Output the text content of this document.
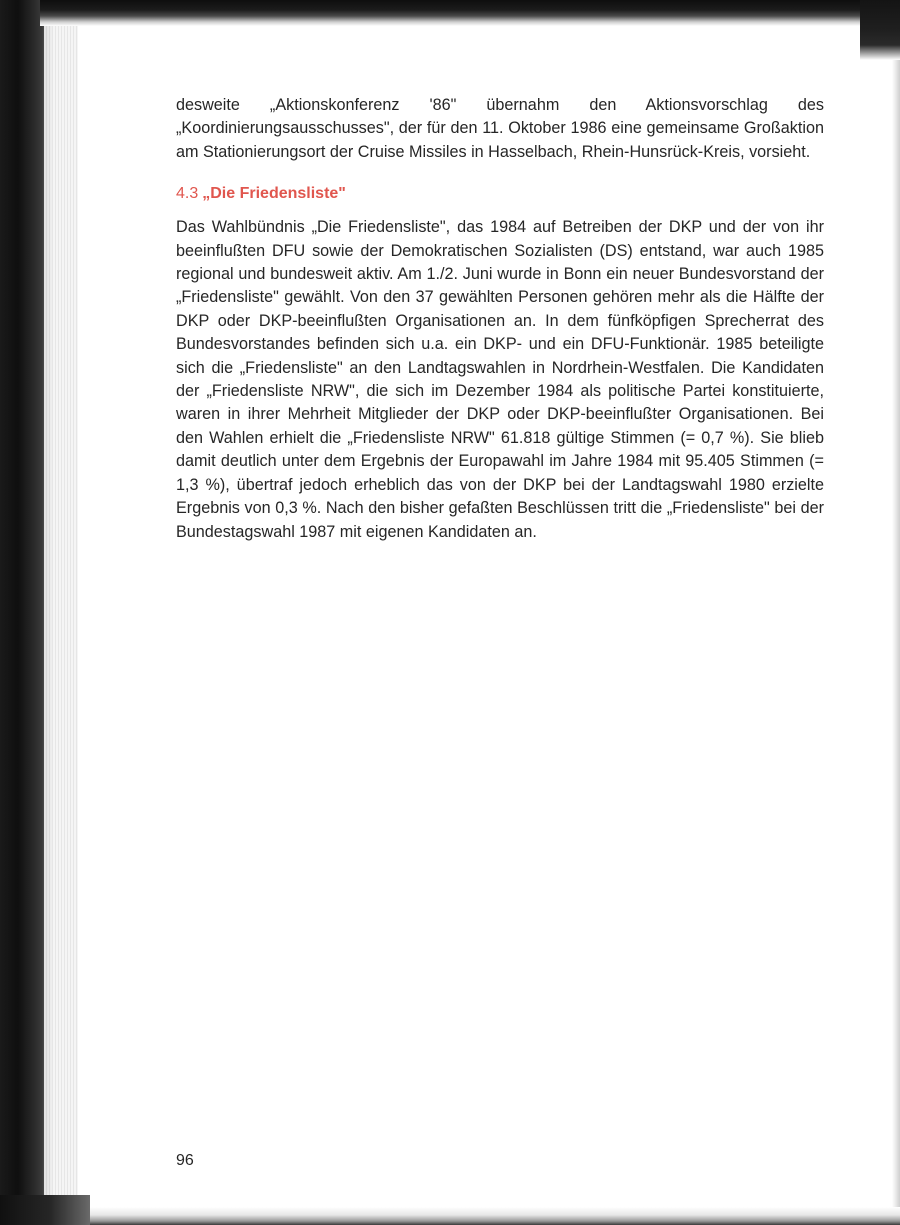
desweite „Aktionskonferenz '86" übernahm den Aktionsvorschlag des „Koordinierungsausschusses", der für den 11. Oktober 1986 eine gemeinsame Großaktion am Stationierungsort der Cruise Missiles in Hasselbach, Rhein-Hunsrück-Kreis, vorsieht.

4.3 „Die Friedensliste"

Das Wahlbündnis „Die Friedensliste", das 1984 auf Betreiben der DKP und der von ihr beeinflußten DFU sowie der Demokratischen Sozialisten (DS) entstand, war auch 1985 regional und bundesweit aktiv. Am 1./2. Juni wurde in Bonn ein neuer Bundesvorstand der „Friedensliste" gewählt. Von den 37 gewählten Personen gehören mehr als die Hälfte der DKP oder DKP-beeinflußten Organisationen an. In dem fünfköpfigen Sprecherrat des Bundesvorstandes befinden sich u.a. ein DKP- und ein DFU-Funktionär. 1985 beteiligte sich die „Friedensliste" an den Landtagswahlen in Nordrhein-Westfalen. Die Kandidaten der „Friedensliste NRW", die sich im Dezember 1984 als politische Partei konstituierte, waren in ihrer Mehrheit Mitglieder der DKP oder DKP-beeinflußter Organisationen. Bei den Wahlen erhielt die „Friedensliste NRW" 61.818 gültige Stimmen (= 0,7 %). Sie blieb damit deutlich unter dem Ergebnis der Europawahl im Jahre 1984 mit 95.405 Stimmen (= 1,3 %), übertraf jedoch erheblich das von der DKP bei der Landtagswahl 1980 erzielte Ergebnis von 0,3 %. Nach den bisher gefaßten Beschlüssen tritt die „Friedensliste" bei der Bundestagswahl 1987 mit eigenen Kandidaten an.

96
